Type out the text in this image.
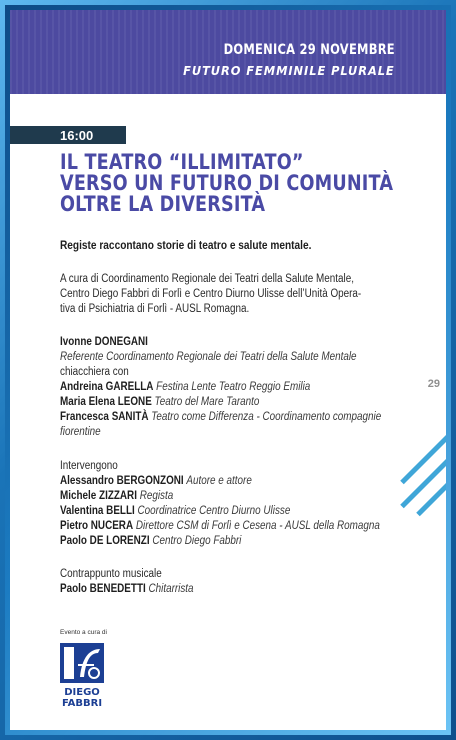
DOMENICA 29 NOVEMBRE
FUTURO FEMMINILE PLURALE
16:00
IL TEATRO “ILLIMITATO”
VERSO UN FUTURO DI COMUNITÀ
OLTRE LA DIVERSITÀ
Registe raccontano storie di teatro e salute mentale.
A cura di Coordinamento Regionale dei Teatri della Salute Mentale,
Centro Diego Fabbri di Forlì e Centro Diurno Ulisse dell’Unità Opera-
tiva di Psichiatria di Forlì - AUSL Romagna.
Ivonne DONEGANI
Referente Coordinamento Regionale dei Teatri della Salute Mentale
chiacchiera con
Andreina GARELLA Festina Lente Teatro Reggio Emilia
Maria Elena LEONE Teatro del Mare Taranto
Francesca SANITÀ Teatro come Differenza - Coordinamento compagnie
fiorentine
Intervengono
Alessandro BERGONZONI Autore e attore
Michele ZIZZARI Regista
Valentina BELLI Coordinatrice Centro Diurno Ulisse
Pietro NUCERA Direttore CSM di Forlì e Cesena - AUSL della Romagna
Paolo DE LORENZI Centro Diego Fabbri
Contrappunto musicale
Paolo BENEDETTI Chitarrista
29
Evento a cura di
DIEGO
FABBRI
